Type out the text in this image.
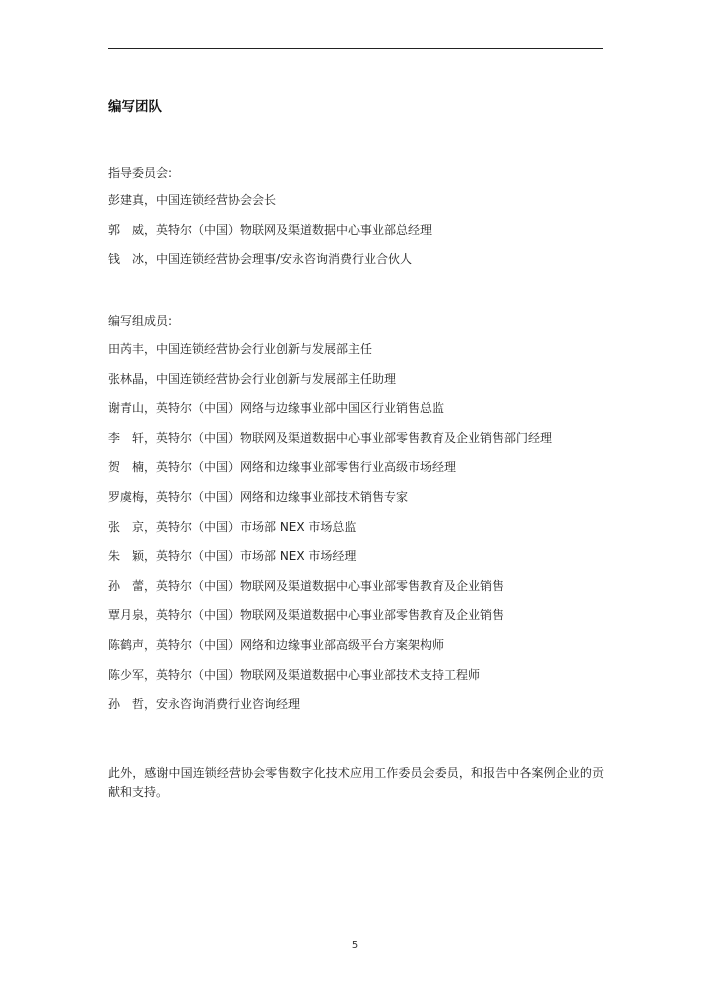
编写团队
指导委员会:
彭建真，中国连锁经营协会会长
郭　威，英特尔（中国）物联网及渠道数据中心事业部总经理
钱　冰，中国连锁经营协会理事/安永咨询消费行业合伙人
编写组成员:
田芮丰，中国连锁经营协会行业创新与发展部主任
张林晶，中国连锁经营协会行业创新与发展部主任助理
谢青山，英特尔（中国）网络与边缘事业部中国区行业销售总监
李　轩，英特尔（中国）物联网及渠道数据中心事业部零售教育及企业销售部门经理
贺　楠，英特尔（中国）网络和边缘事业部零售行业高级市场经理
罗虞梅，英特尔（中国）网络和边缘事业部技术销售专家
张　京，英特尔（中国）市场部 NEX 市场总监
朱　颖，英特尔（中国）市场部 NEX 市场经理
孙　蕾，英特尔（中国）物联网及渠道数据中心事业部零售教育及企业销售
覃月泉，英特尔（中国）物联网及渠道数据中心事业部零售教育及企业销售
陈鹤声，英特尔（中国）网络和边缘事业部高级平台方案架构师
陈少军，英特尔（中国）物联网及渠道数据中心事业部技术支持工程师
孙　哲，安永咨询消费行业咨询经理

此外，感谢中国连锁经营协会零售数字化技术应用工作委员会委员，和报告中各案例企业的贡献和支持。

5
